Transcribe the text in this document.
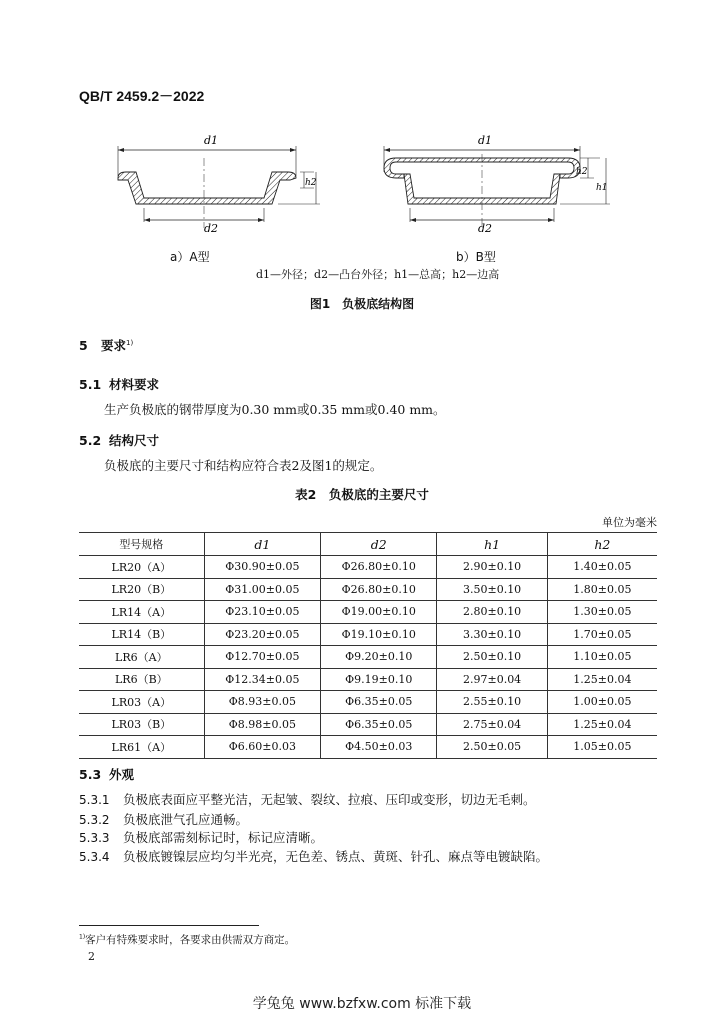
QB/T 2459.2－2022
d1
h2
d2
a）A型
d1
h2
h1
d2
b）B型
d1—外径；d2—凸台外径；h1—总高；h2—边高
图1　负极底结构图
5 要求$^{1)}$
5.1 材料要求
生产负极底的钢带厚度为0.30 mm或0.35 mm或0.40 mm。
5.2 结构尺寸
负极底的主要尺寸和结构应符合表2及图1的规定。
表2　负极底的主要尺寸
单位为毫米
型号规格	d1	d2	h1	h2
LR20（A）	Φ30.90±0.05	Φ26.80±0.10	2.90±0.10	1.40±0.05
LR20（B）	Φ31.00±0.05	Φ26.80±0.10	3.50±0.10	1.80±0.05
LR14（A）	Φ23.10±0.05	Φ19.00±0.10	2.80±0.10	1.30±0.05
LR14（B）	Φ23.20±0.05	Φ19.10±0.10	3.30±0.10	1.70±0.05
LR6（A）	Φ12.70±0.05	Φ9.20±0.10	2.50±0.10	1.10±0.05
LR6（B）	Φ12.34±0.05	Φ9.19±0.10	2.97±0.04	1.25±0.04
LR03（A）	Φ8.93±0.05	Φ6.35±0.05	2.55±0.10	1.00±0.05
LR03（B）	Φ8.98±0.05	Φ6.35±0.05	2.75±0.04	1.25±0.04
LR61（A）	Φ6.60±0.03	Φ4.50±0.03	2.50±0.05	1.05±0.05
5.3 外观
5.3.1 负极底表面应平整光洁，无起皱、裂纹、拉痕、压印或变形，切边无毛刺。
5.3.2 负极底泄气孔应通畅。
5.3.3 负极底部需刻标记时，标记应清晰。
5.3.4 负极底镀镍层应均匀半光亮，无色差、锈点、黄斑、针孔、麻点等电镀缺陷。
$^{1)}$客户有特殊要求时，各要求由供需双方商定。
2
学兔兔 www.bzfxw.com 标准下载
